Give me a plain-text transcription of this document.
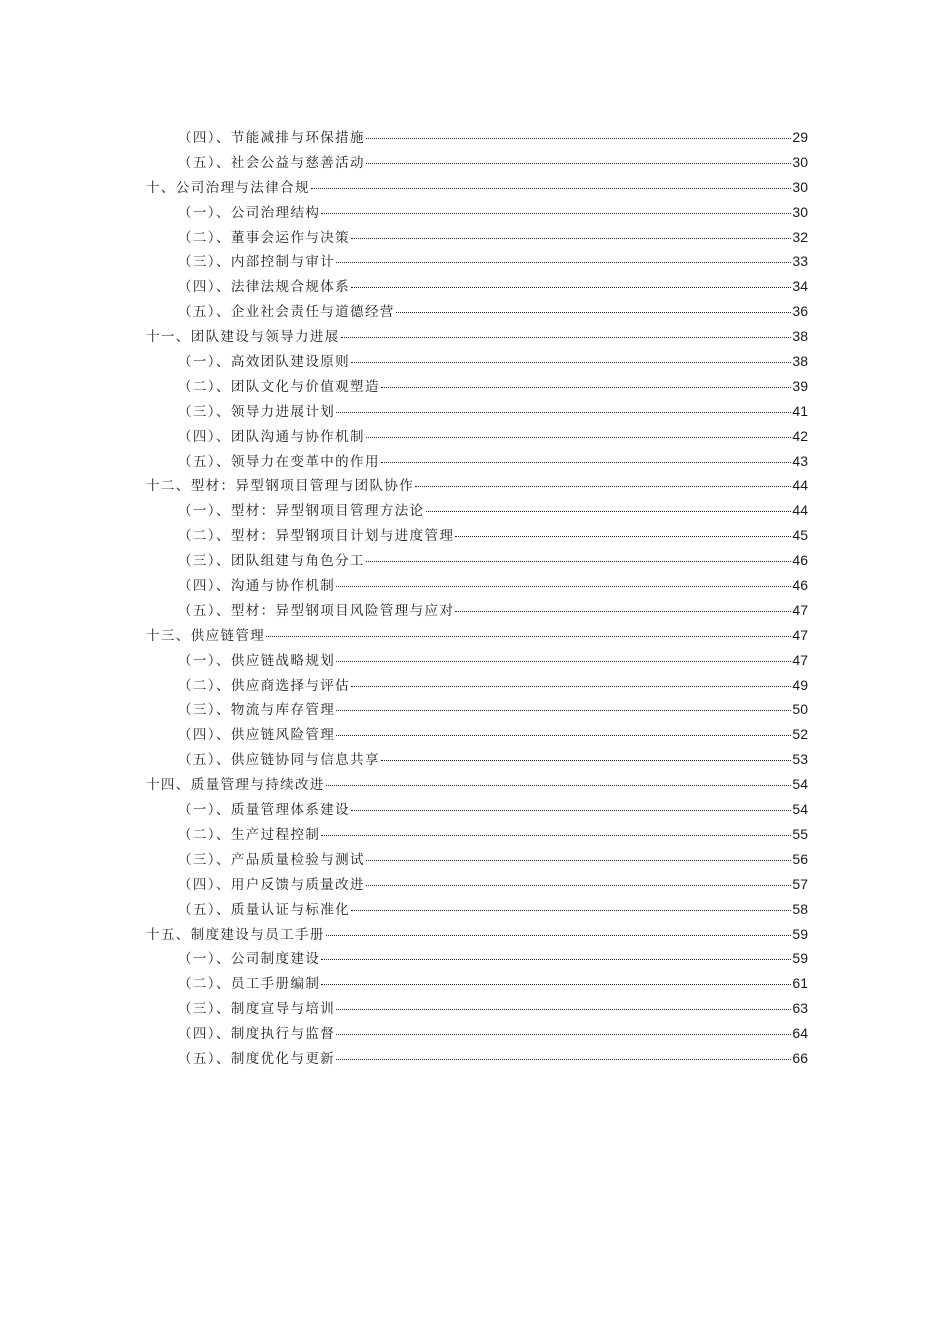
（四）、节能减排与环保措施	29
（五）、社会公益与慈善活动	30
十、公司治理与法律合规	30
（一）、公司治理结构	30
（二）、董事会运作与决策	32
（三）、内部控制与审计	33
（四）、法律法规合规体系	34
（五）、企业社会责任与道德经营	36
十一、团队建设与领导力进展	38
（一）、高效团队建设原则	38
（二）、团队文化与价值观塑造	39
（三）、领导力进展计划	41
（四）、团队沟通与协作机制	42
（五）、领导力在变革中的作用	43
十二、型材：异型钢项目管理与团队协作	44
（一）、型材：异型钢项目管理方法论	44
（二）、型材：异型钢项目计划与进度管理	45
（三）、团队组建与角色分工	46
（四）、沟通与协作机制	46
（五）、型材：异型钢项目风险管理与应对	47
十三、供应链管理	47
（一）、供应链战略规划	47
（二）、供应商选择与评估	49
（三）、物流与库存管理	50
（四）、供应链风险管理	52
（五）、供应链协同与信息共享	53
十四、质量管理与持续改进	54
（一）、质量管理体系建设	54
（二）、生产过程控制	55
（三）、产品质量检验与测试	56
（四）、用户反馈与质量改进	57
（五）、质量认证与标准化	58
十五、制度建设与员工手册	59
（一）、公司制度建设	59
（二）、员工手册编制	61
（三）、制度宣导与培训	63
（四）、制度执行与监督	64
（五）、制度优化与更新	66
